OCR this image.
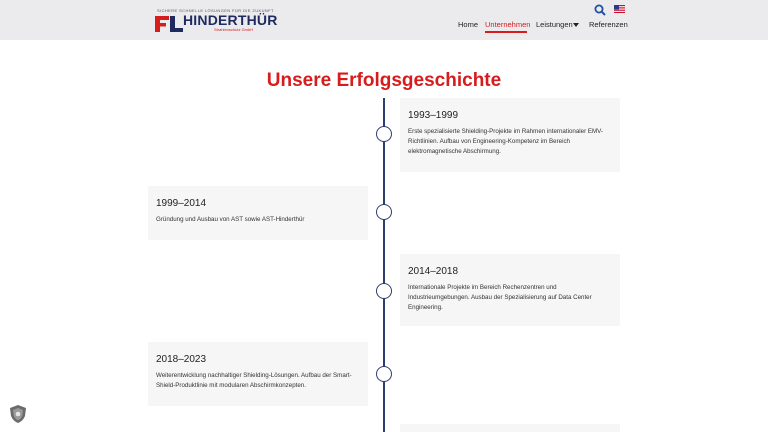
SICHERE SCHNELLE LÖSUNGEN FÜR DIE ZUKUNFT
HINDERTHÜR
Strahlenschutz GmbH
Home Unternehmen Leistungen Referenzen
Unsere Erfolgsgeschichte
1993–1999
Erste spezialisierte Shielding-Projekte im Rahmen internationaler EMV-Richtlinien. Aufbau von Engineering-Kompetenz im Bereich elektromagnetische Abschirmung.
1999–2014
Gründung und Ausbau von AST sowie AST-Hinderthür
2014–2018
Internationale Projekte im Bereich Rechenzentren und Industrieumgebungen. Ausbau der Spezialisierung auf Data Center Engineering.
2018–2023
Weiterentwicklung nachhaltiger Shielding-Lösungen. Aufbau der Smart-Shield-Produktlinie mit modularen Abschirmkonzepten.
